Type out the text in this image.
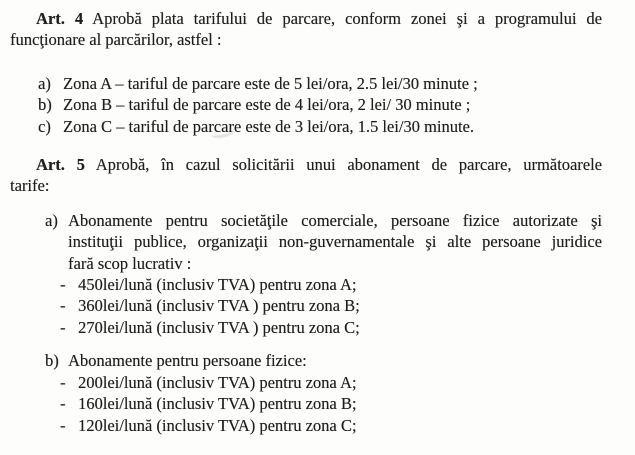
Art. 4 Aprobă plata tarifului de parcare, conform zonei şi a programului de
funcţionare al parcărilor, astfel :
a) Zona A – tariful de parcare este de 5 lei/ora, 2.5 lei/30 minute ;
b) Zona B – tariful de parcare este de 4 lei/ora, 2 lei/ 30 minute ;
c) Zona C – tariful de parcare este de 3 lei/ora, 1.5 lei/30 minute.
Art. 5 Aprobă, în cazul solicitării unui abonament de parcare, următoarele
tarife:
a) Abonamente pentru societăţile comerciale, persoane fizice autorizate şi
instituţii publice, organizaţii non-guvernamentale şi alte persoane juridice
fară scop lucrativ :
- 450lei/lună (inclusiv TVA) pentru zona A;
- 360lei/lună (inclusiv TVA ) pentru zona B;
- 270lei/lună (inclusiv TVA ) pentru zona C;
b) Abonamente pentru persoane fizice:
- 200lei/lună (inclusiv TVA) pentru zona A;
- 160lei/lună (inclusiv TVA) pentru zona B;
- 120lei/lună (inclusiv TVA) pentru zona C;
